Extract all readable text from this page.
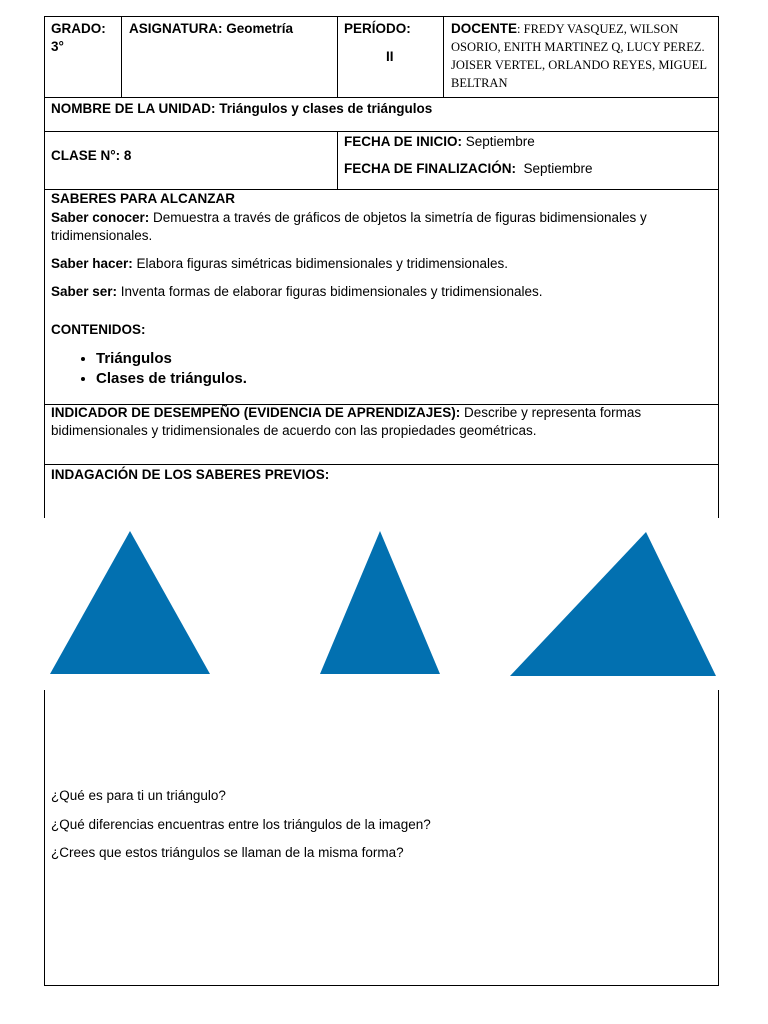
GRADO:
3°
ASIGNATURA: Geometría	PERÍODO:
II
DOCENTE: FREDY VASQUEZ, WILSON OSORIO, ENITH MARTINEZ Q, LUCY PEREZ. JOISER VERTEL, ORLANDO REYES, MIGUEL BELTRAN
NOMBRE DE LA UNIDAD: Triángulos y clases de triángulos
CLASE N°: 8
FECHA DE INICIO: Septiembre
FECHA DE FINALIZACIÓN:  Septiembre
SABERES PARA ALCANZAR
Saber conocer: Demuestra a través de gráficos de objetos la simetría de figuras bidimensionales y tridimensionales.
Saber hacer: Elabora figuras simétricas bidimensionales y tridimensionales.
Saber ser: Inventa formas de elaborar figuras bidimensionales y tridimensionales.
CONTENIDOS:
• Triángulos
• Clases de triángulos.
INDICADOR DE DESEMPEÑO (EVIDENCIA DE APRENDIZAJES): Describe y representa formas bidimensionales y tridimensionales de acuerdo con las propiedades geométricas.
INDAGACIÓN DE LOS SABERES PREVIOS:
¿Qué es para ti un triángulo?
¿Qué diferencias encuentras entre los triángulos de la imagen?
¿Crees que estos triángulos se llaman de la misma forma?
